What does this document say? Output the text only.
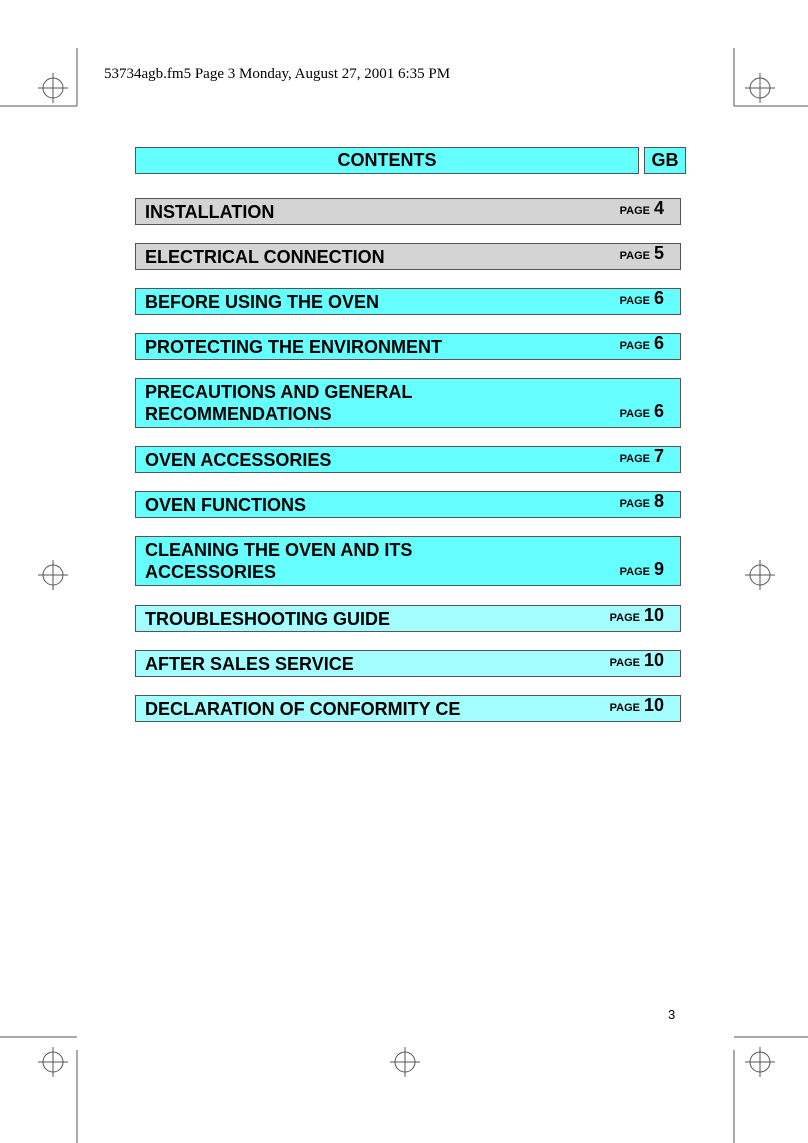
53734agb.fm5 Page 3 Monday, August 27, 2001 6:35 PM
CONTENTS	GB
INSTALLATION	PAGE 4
ELECTRICAL CONNECTION	PAGE 5
BEFORE USING THE OVEN	PAGE 6
PROTECTING THE ENVIRONMENT	PAGE 6
PRECAUTIONS AND GENERAL
RECOMMENDATIONS	PAGE 6
OVEN ACCESSORIES	PAGE 7
OVEN FUNCTIONS	PAGE 8
CLEANING THE OVEN AND ITS
ACCESSORIES	PAGE 9
TROUBLESHOOTING GUIDE	PAGE 10
AFTER SALES SERVICE	PAGE 10
DECLARATION OF CONFORMITY CE	PAGE 10
3
